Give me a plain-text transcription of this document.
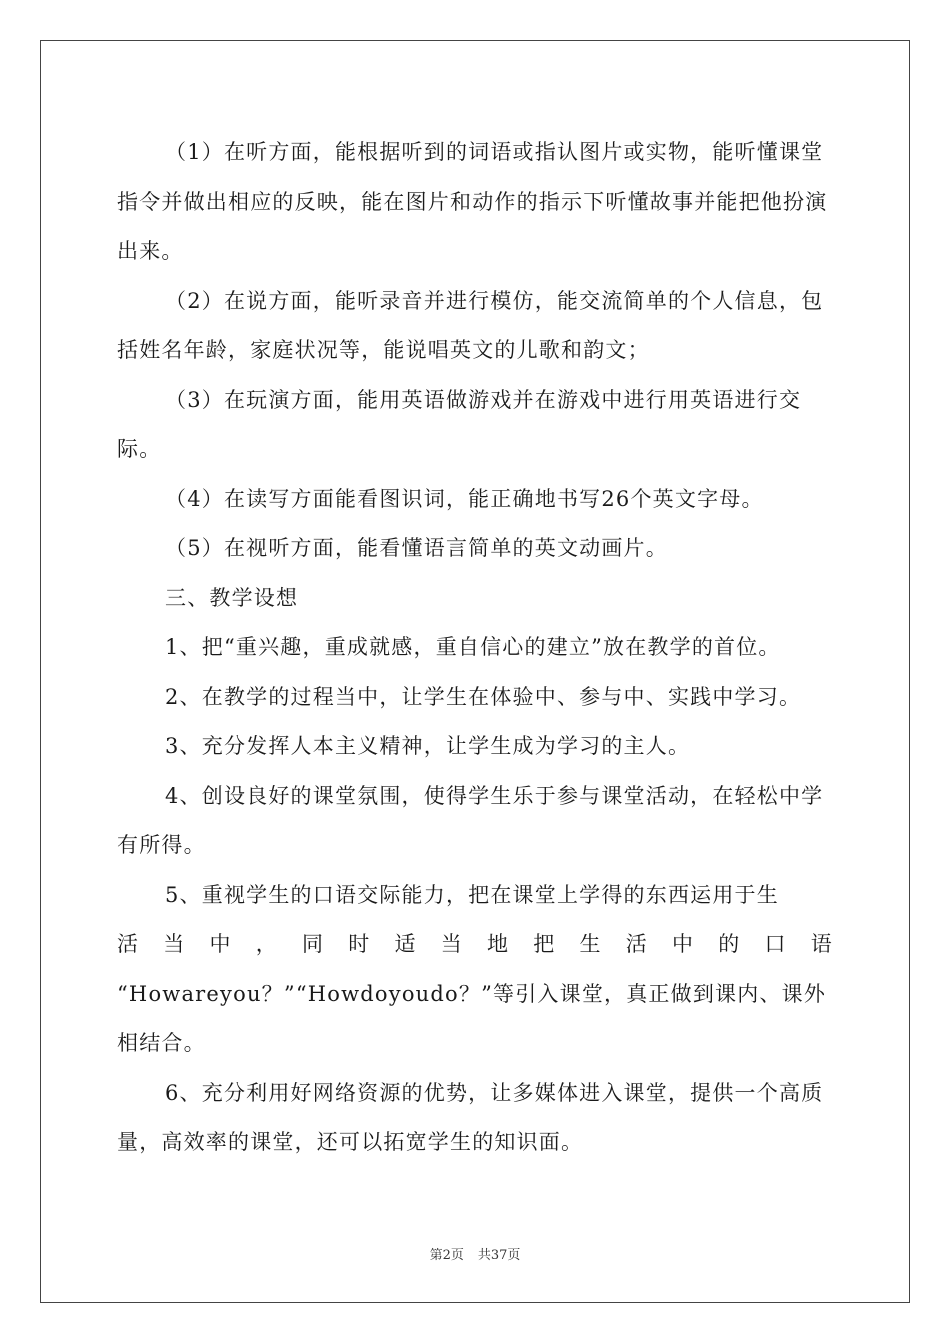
（1）在听方面，能根据听到的词语或指认图片或实物，能听懂课堂指令并做出相应的反映，能在图片和动作的指示下听懂故事并能把他扮演出来。

（2）在说方面，能听录音并进行模仿，能交流简单的个人信息，包括姓名年龄，家庭状况等，能说唱英文的儿歌和韵文；

（3）在玩演方面，能用英语做游戏并在游戏中进行用英语进行交际。

（4）在读写方面能看图识词，能正确地书写26个英文字母。

（5）在视听方面，能看懂语言简单的英文动画片。

三、教学设想

1、把“重兴趣，重成就感，重自信心的建立”放在教学的首位。

2、在教学的过程当中，让学生在体验中、参与中、实践中学习。

3、充分发挥人本主义精神，让学生成为学习的主人。

4、创设良好的课堂氛围，使得学生乐于参与课堂活动，在轻松中学有所得。

5、重视学生的口语交际能力，把在课堂上学得的东西运用于生

活 当 中 ， 同 时 适 当 地 把 生 活 中 的 口 语

“Howareyou？”“Howdoyoudo？”等引入课堂，真正做到课内、课外相结合。

6、充分利用好网络资源的优势，让多媒体进入课堂，提供一个高质量，高效率的课堂，还可以拓宽学生的知识面。

第2页 共37页
